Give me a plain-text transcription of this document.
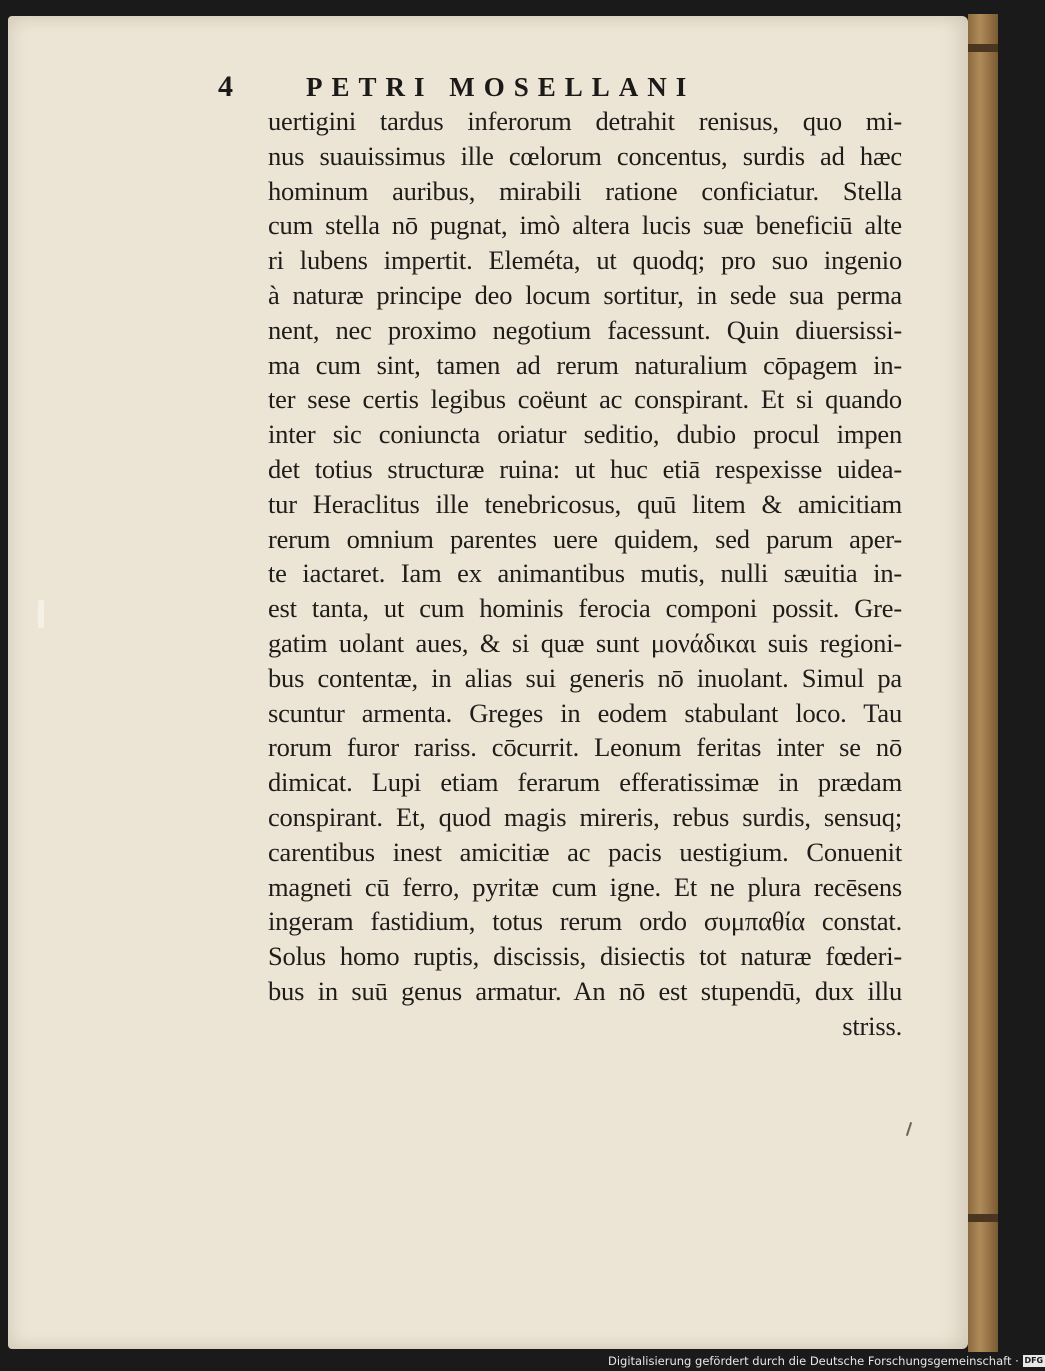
4	PETRI MOSELLANI
uertigini tardus inferorum detrahit renisus, quo mi-
nus suauissimus ille cœlorum concentus, surdis ad hæc
hominum auribus, mirabili ratione conficiatur. Stella
cum stella nō pugnat, imò altera lucis suæ beneficiū alte
ri lubens impertit. Eleméta, ut quodq; pro suo ingenio
à naturæ principe deo locum sortitur, in sede sua perma
nent, nec proximo negotium facessunt. Quin diuersissi-
ma cum sint, tamen ad rerum naturalium cōpagem in-
ter sese certis legibus coëunt ac conspirant. Et si quando
inter sic coniuncta oriatur seditio, dubio procul impen
det totius structuræ ruina: ut huc etiā respexisse uidea-
tur Heraclitus ille tenebricosus, quū litem & amicitiam
rerum omnium parentes uere quidem, sed parum aper-
te iactaret. Iam ex animantibus mutis, nulli sæuitia in-
est tanta, ut cum hominis ferocia componi possit. Gre-
gatim uolant aues, & si quæ sunt μονάδικαι suis regioni-
bus contentæ, in alias sui generis nō inuolant. Simul pa
scuntur armenta. Greges in eodem stabulant loco. Tau
rorum furor rariss. cōcurrit. Leonum feritas inter se nō
dimicat. Lupi etiam ferarum efferatissimæ in prædam
conspirant. Et, quod magis mireris, rebus surdis, sensuq;
carentibus inest amicitiæ ac pacis uestigium. Conuenit
magneti cū ferro, pyritæ cum igne. Et ne plura recēsens
ingeram fastidium, totus rerum ordo συμπαθία constat.
Solus homo ruptis, discissis, disiectis tot naturæ fœderi-
bus in suū genus armatur. An nō est stupendū, dux illu
striss.
Digitalisierung gefördert durch die Deutsche Forschungsgemeinschaft · DFG
